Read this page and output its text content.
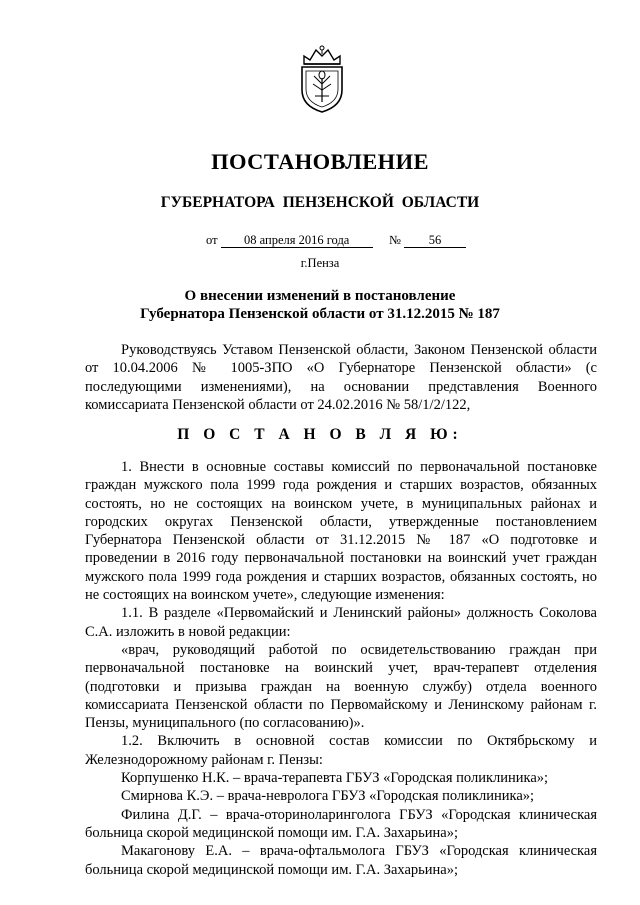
ПОСТАНОВЛЕНИЕ
ГУБЕРНАТОРА ПЕНЗЕНСКОЙ ОБЛАСТИ
от 08 апреля 2016 года	№ 56
г.Пенза
О внесении изменений в постановление
Губернатора Пензенской области от 31.12.2015 № 187

Руководствуясь Уставом Пензенской области, Законом Пензенской области от 10.04.2006 № 1005-ЗПО «О Губернаторе Пензенской области» (с последующими изменениями), на основании представления Военного комиссариата Пензенской области от 24.02.2016 № 58/1/2/122,

П О С Т А Н О В Л Я Ю:

1. Внести в основные составы комиссий по первоначальной постановке граждан мужского пола 1999 года рождения и старших возрастов, обязанных состоять, но не состоящих на воинском учете, в муниципальных районах и городских округах Пензенской области, утвержденные постановлением Губернатора Пензенской области от 31.12.2015 № 187 «О подготовке и проведении в 2016 году первоначальной постановки на воинский учет граждан мужского пола 1999 года рождения и старших возрастов, обязанных состоять, но не состоящих на воинском учете», следующие изменения:

1.1. В разделе «Первомайский и Ленинский районы» должность Соколова С.А. изложить в новой редакции:

«врач, руководящий работой по освидетельствованию граждан при первоначальной постановке на воинский учет, врач-терапевт отделения (подготовки и призыва граждан на военную службу) отдела военного комиссариата Пензенской области по Первомайскому и Ленинскому районам г. Пензы, муниципального (по согласованию)».

1.2. Включить в основной состав комиссии по Октябрьскому и Железнодорожному районам г. Пензы:

Корпушенко Н.К. – врача-терапевта ГБУЗ «Городская поликлиника»;

Смирнова К.Э. – врача-невролога ГБУЗ «Городская поликлиника»;

Филина Д.Г. – врача-оториноларинголога ГБУЗ «Городская клиническая больница скорой медицинской помощи им. Г.А. Захарьина»;

Макагонову Е.А. – врача-офтальмолога ГБУЗ «Городская клиническая больница скорой медицинской помощи им. Г.А. Захарьина»;
